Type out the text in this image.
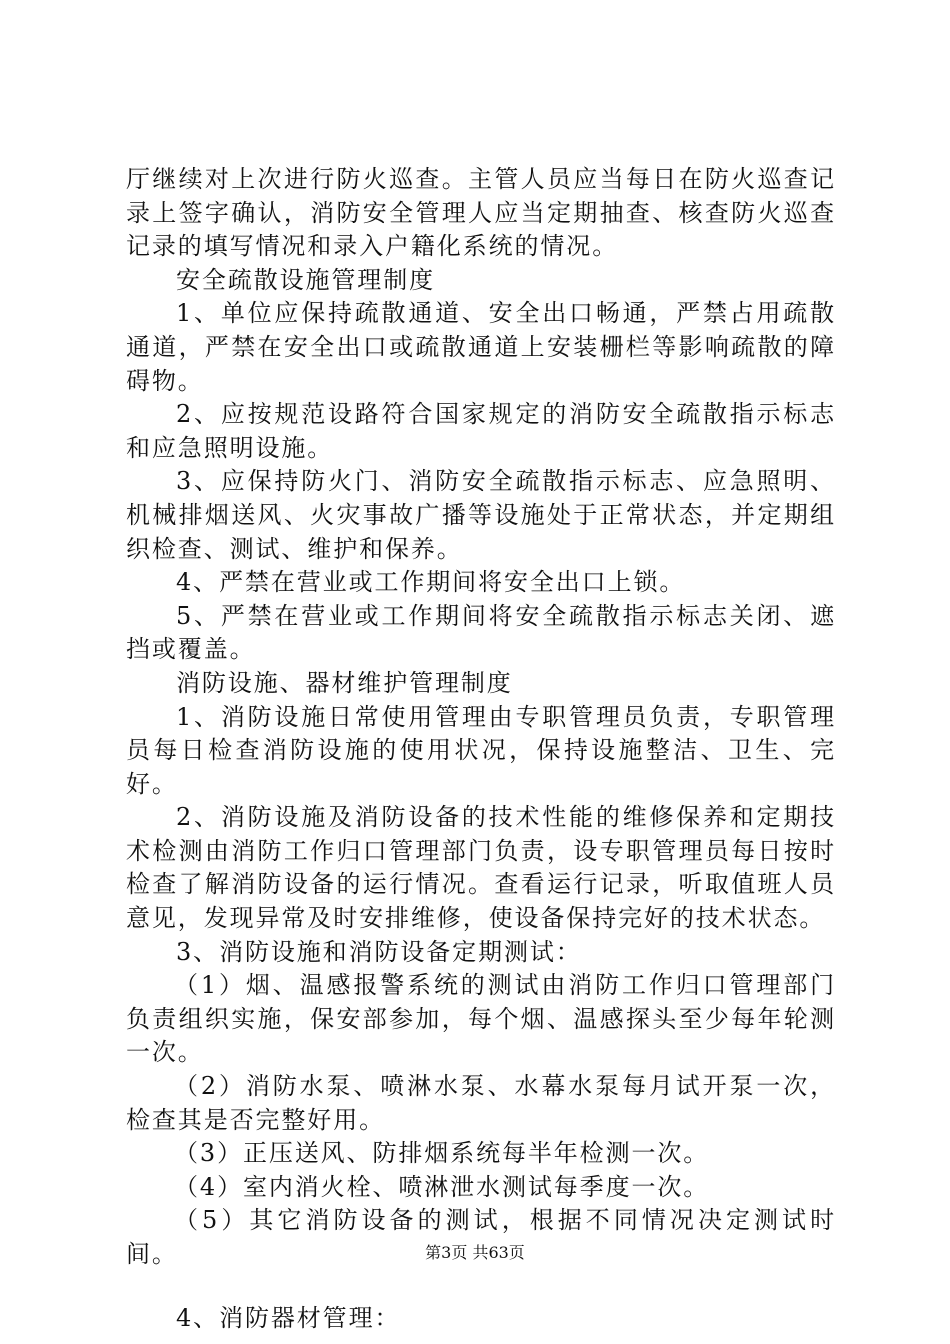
厅继续对上次进行防火巡查。主管人员应当每日在防火巡查记录上签字确认，消防安全管理人应当定期抽查、核查防火巡查记录的填写情况和录入户籍化系统的情况。

安全疏散设施管理制度

1、单位应保持疏散通道、安全出口畅通，严禁占用疏散通道，严禁在安全出口或疏散通道上安装栅栏等影响疏散的障碍物。

2、应按规范设路符合国家规定的消防安全疏散指示标志和应急照明设施。

3、应保持防火门、消防安全疏散指示标志、应急照明、机械排烟送风、火灾事故广播等设施处于正常状态，并定期组织检查、测试、维护和保养。

4、严禁在营业或工作期间将安全出口上锁。

5、严禁在营业或工作期间将安全疏散指示标志关闭、遮挡或覆盖。

消防设施、器材维护管理制度

1、消防设施日常使用管理由专职管理员负责，专职管理员每日检查消防设施的使用状况，保持设施整洁、卫生、完好。

2、消防设施及消防设备的技术性能的维修保养和定期技术检测由消防工作归口管理部门负责，设专职管理员每日按时检查了解消防设备的运行情况。查看运行记录，听取值班人员意见，发现异常及时安排维修，使设备保持完好的技术状态。

3、消防设施和消防设备定期测试：

（1）烟、温感报警系统的测试由消防工作归口管理部门负责组织实施，保安部参加，每个烟、温感探头至少每年轮测一次。

（2）消防水泵、喷淋水泵、水幕水泵每月试开泵一次，检查其是否完整好用。

（3）正压送风、防排烟系统每半年检测一次。

（4）室内消火栓、喷淋泄水测试每季度一次。

（5）其它消防设备的测试，根据不同情况决定测试时间。

4、消防器材管理：

第3页 共63页
